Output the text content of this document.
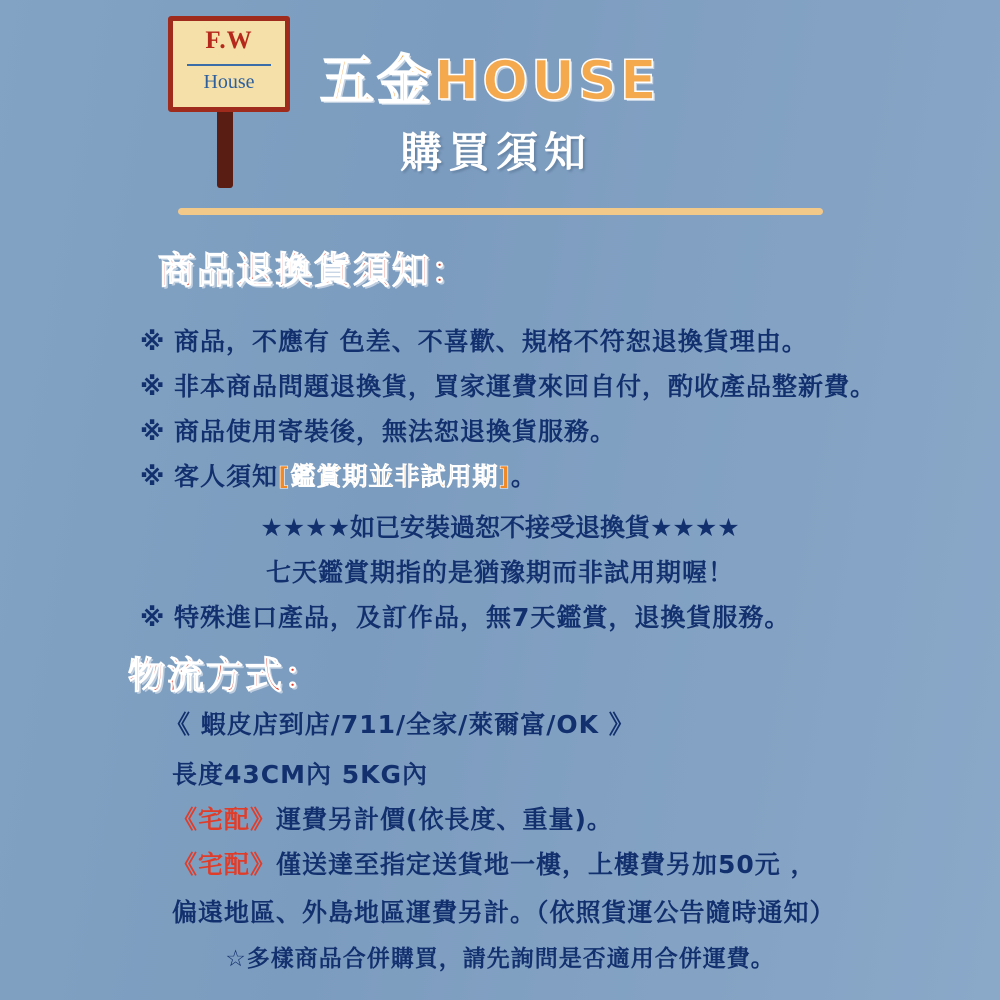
F.W
House	五金HOUSE
購買須知
商品退換貨須知：
※ 商品，不應有 色差、不喜歡、規格不符恕退換貨理由。
※ 非本商品問題退換貨，買家運費來回自付，酌收產品整新費。
※ 商品使用寄裝後，無法恕退換貨服務。
※ 客人須知[鑑賞期並非試用期]。
★★★★如已安裝過恕不接受退換貨★★★★
七天鑑賞期指的是猶豫期而非試用期喔！
※ 特殊進口產品，及訂作品，無7天鑑賞，退換貨服務。
物流方式：
《 蝦皮店到店/711/全家/萊爾富/OK 》
長度43CM內 5KG內
《宅配》運費另計價(依長度、重量)。
《宅配》僅送達至指定送貨地一樓，上樓費另加50元 ，
偏遠地區、外島地區運費另計。（依照貨運公告隨時通知）
☆多樣商品合併購買，請先詢問是否適用合併運費。
